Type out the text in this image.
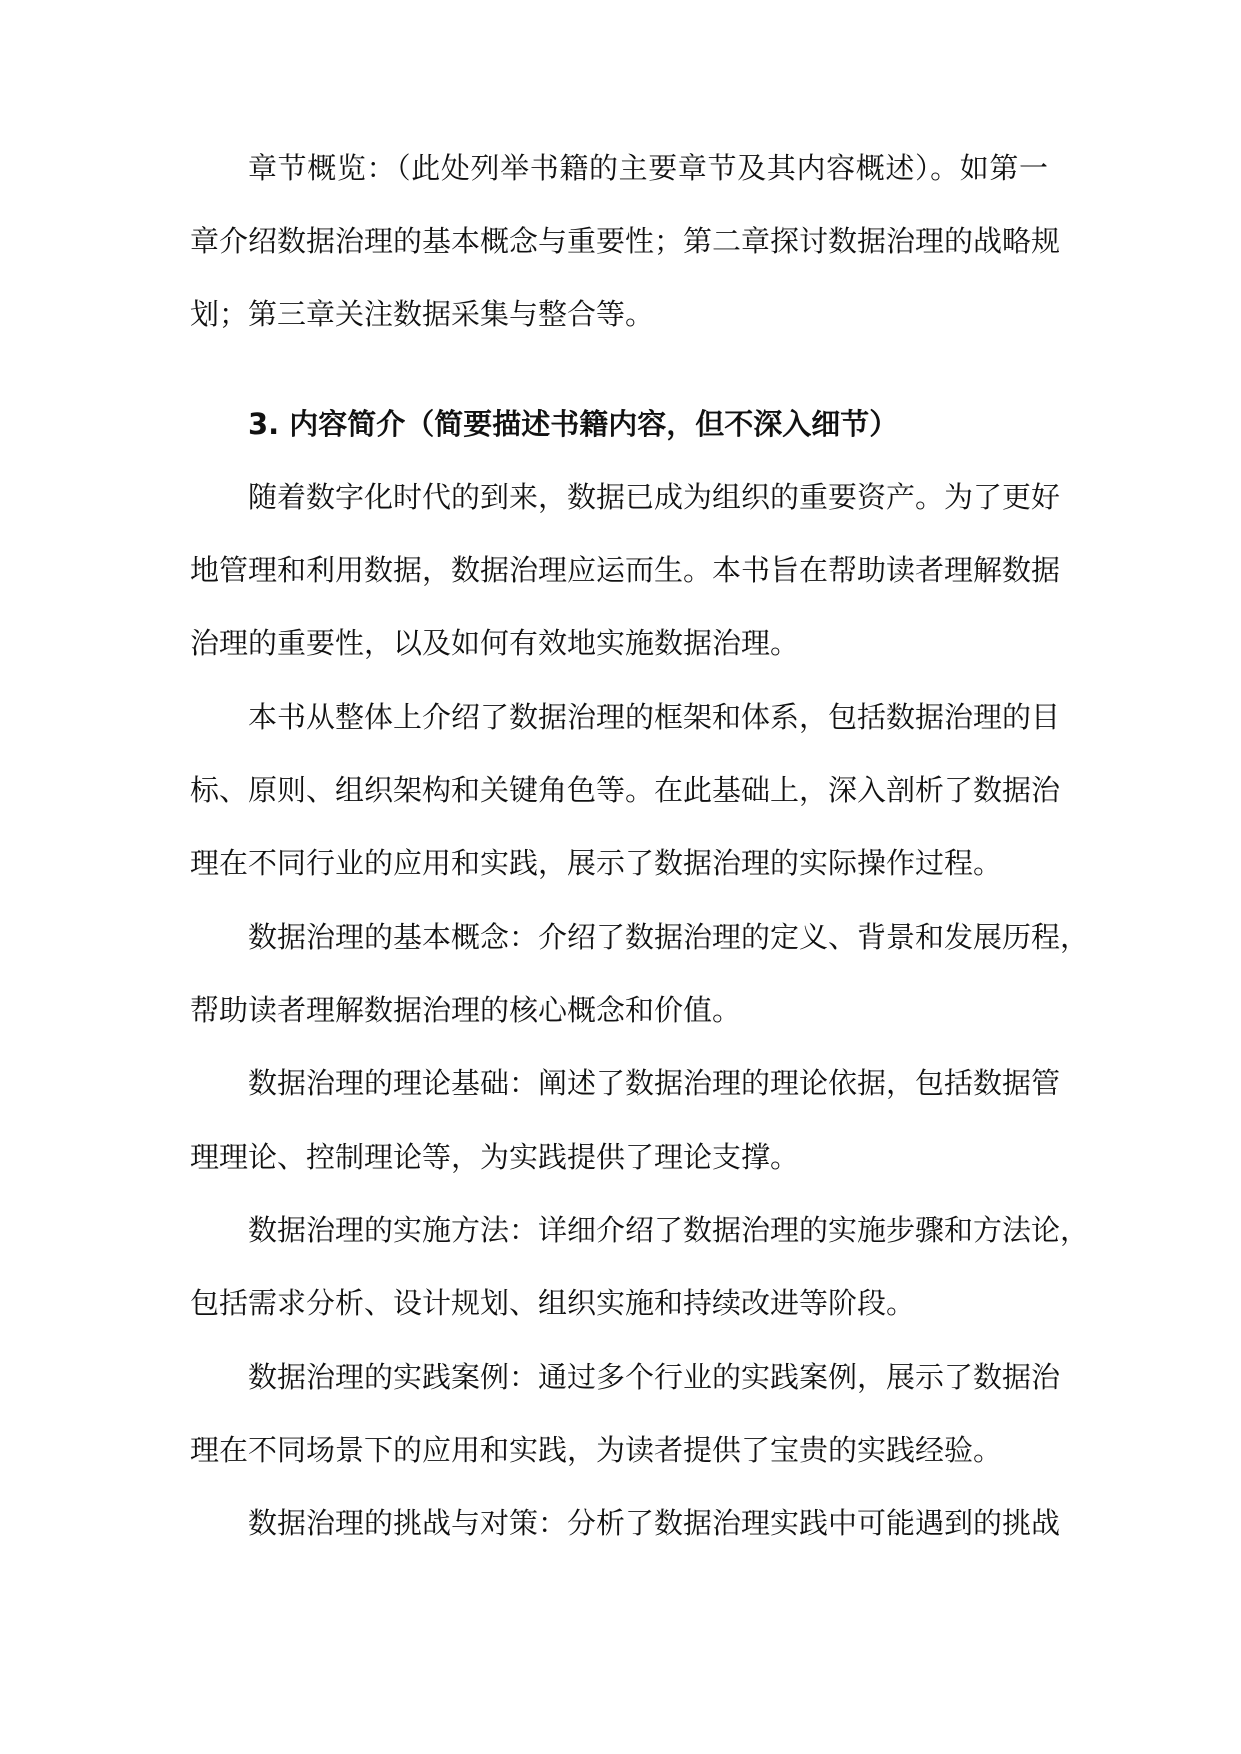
章节概览：（此处列举书籍的主要章节及其内容概述）。如第一
章介绍数据治理的基本概念与重要性；第二章探讨数据治理的战略规
划；第三章关注数据采集与整合等。
3. 内容简介（简要描述书籍内容，但不深入细节）
随着数字化时代的到来，数据已成为组织的重要资产。为了更好
地管理和利用数据，数据治理应运而生。本书旨在帮助读者理解数据
治理的重要性，以及如何有效地实施数据治理。
本书从整体上介绍了数据治理的框架和体系，包括数据治理的目
标、原则、组织架构和关键角色等。在此基础上，深入剖析了数据治
理在不同行业的应用和实践，展示了数据治理的实际操作过程。
数据治理的基本概念：介绍了数据治理的定义、背景和发展历程，
帮助读者理解数据治理的核心概念和价值。
数据治理的理论基础：阐述了数据治理的理论依据，包括数据管
理理论、控制理论等，为实践提供了理论支撑。
数据治理的实施方法：详细介绍了数据治理的实施步骤和方法论，
包括需求分析、设计规划、组织实施和持续改进等阶段。
数据治理的实践案例：通过多个行业的实践案例，展示了数据治
理在不同场景下的应用和实践，为读者提供了宝贵的实践经验。
数据治理的挑战与对策：分析了数据治理实践中可能遇到的挑战
